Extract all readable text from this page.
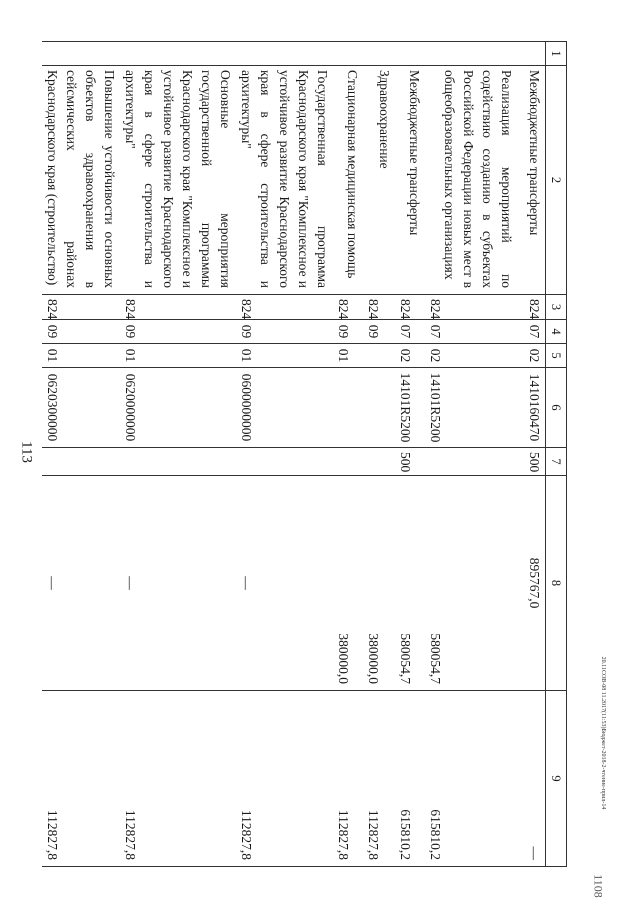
113
1108
20.11СОВ-08 11.2017(11:53)Бюджет-2018-2-чтение-прил-14
1	2	3	4	5	6	7	8	9
	Межбюджетные трансферты	824	07	02	1410160470	500	895767,0	—
	Реализация мероприятий по содействию созданию в субъектах Российской Федерации новых мест в общеобразовательных организациях	824	07	02	14101R5200		580054,7	615810,2
	Межбюджетные трансферты	824	07	02	14101R5200	500	580054,7	615810,2
	Здравоохранение	824	09				380000,0	112827,8
	Стационарная медицинская помощь	824	09	01			380000,0	112827,8
	Государственная программа Краснодарского края "Комплексное и устойчивое развитие Краснодарского края в сфере строительства и архитектуры"	824	09	01	0600000000		—	112827,8
	Основные мероприятия государственной программы Краснодарского края "Комплексное и устойчивое развитие Краснодарского края в сфере строительства и архитектуры"	824	09	01	0620000000		—	112827,8
	Повышение устойчивости основных объектов здравоохранения в сейсмических районах Краснодарского края (строительство)	824	09	01	0620300000		—	112827,8
